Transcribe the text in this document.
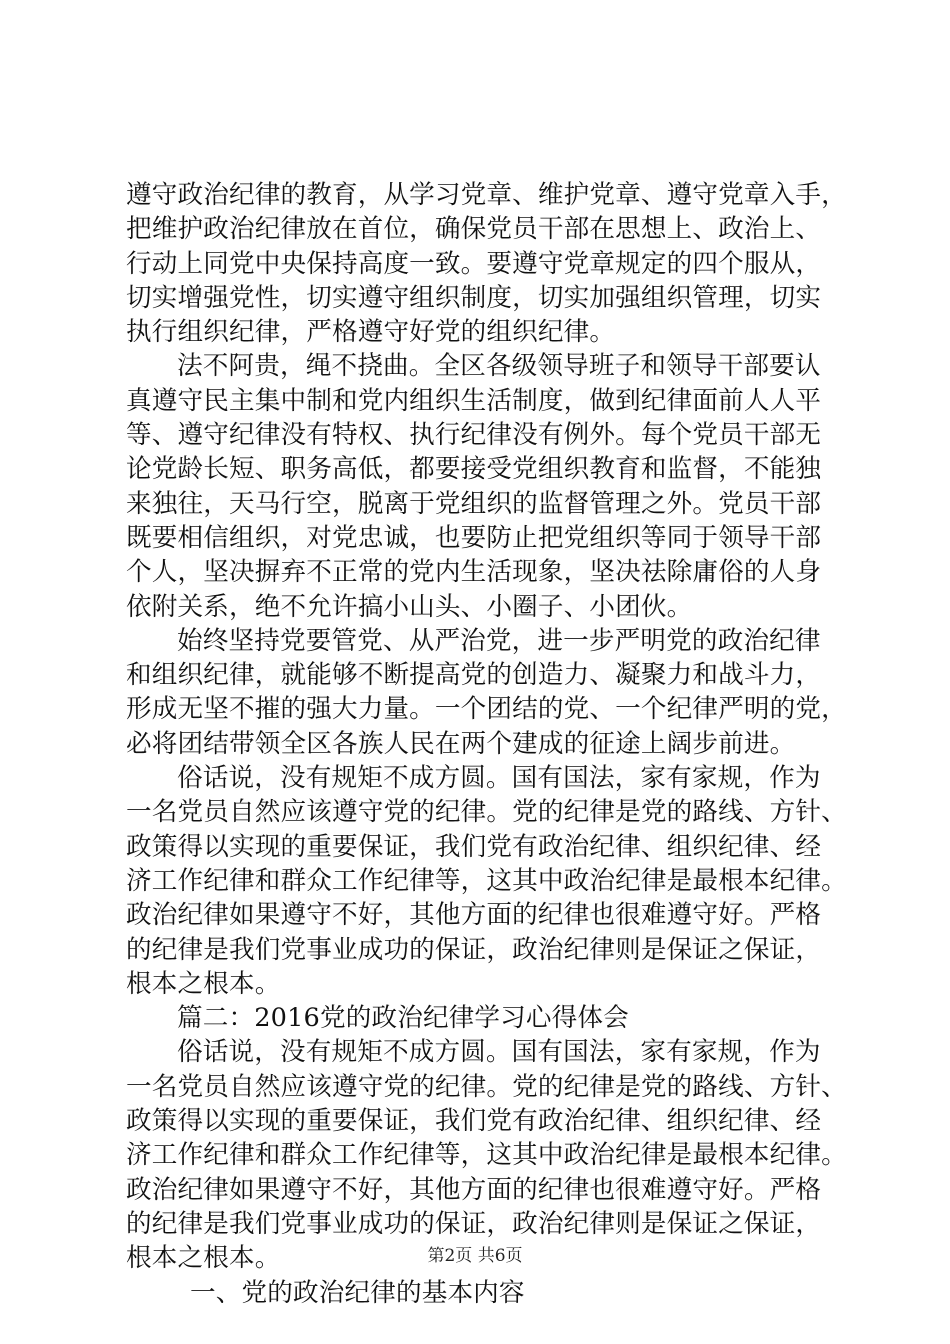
遵守政治纪律的教育，从学习党章、维护党章、遵守党章入手，
把维护政治纪律放在首位，确保党员干部在思想上、政治上、
行动上同党中央保持高度一致。要遵守党章规定的四个服从，
切实增强党性，切实遵守组织制度，切实加强组织管理，切实
执行组织纪律，严格遵守好党的组织纪律。
法不阿贵，绳不挠曲。全区各级领导班子和领导干部要认
真遵守民主集中制和党内组织生活制度，做到纪律面前人人平
等、遵守纪律没有特权、执行纪律没有例外。每个党员干部无
论党龄长短、职务高低，都要接受党组织教育和监督，不能独
来独往，天马行空，脱离于党组织的监督管理之外。党员干部
既要相信组织，对党忠诚，也要防止把党组织等同于领导干部
个人，坚决摒弃不正常的党内生活现象，坚决祛除庸俗的人身
依附关系，绝不允许搞小山头、小圈子、小团伙。
始终坚持党要管党、从严治党，进一步严明党的政治纪律
和组织纪律，就能够不断提高党的创造力、凝聚力和战斗力，
形成无坚不摧的强大力量。一个团结的党、一个纪律严明的党，
必将团结带领全区各族人民在两个建成的征途上阔步前进。
俗话说，没有规矩不成方圆。国有国法，家有家规，作为
一名党员自然应该遵守党的纪律。党的纪律是党的路线、方针、
政策得以实现的重要保证，我们党有政治纪律、组织纪律、经
济工作纪律和群众工作纪律等，这其中政治纪律是最根本纪律。
政治纪律如果遵守不好，其他方面的纪律也很难遵守好。严格
的纪律是我们党事业成功的保证，政治纪律则是保证之保证，
根本之根本。
篇二：2016党的政治纪律学习心得体会
俗话说，没有规矩不成方圆。国有国法，家有家规，作为
一名党员自然应该遵守党的纪律。党的纪律是党的路线、方针、
政策得以实现的重要保证，我们党有政治纪律、组织纪律、经
济工作纪律和群众工作纪律等，这其中政治纪律是最根本纪律。
政治纪律如果遵守不好，其他方面的纪律也很难遵守好。严格
的纪律是我们党事业成功的保证，政治纪律则是保证之保证，
根本之根本。
一、党的政治纪律的基本内容
第2页 共6页
